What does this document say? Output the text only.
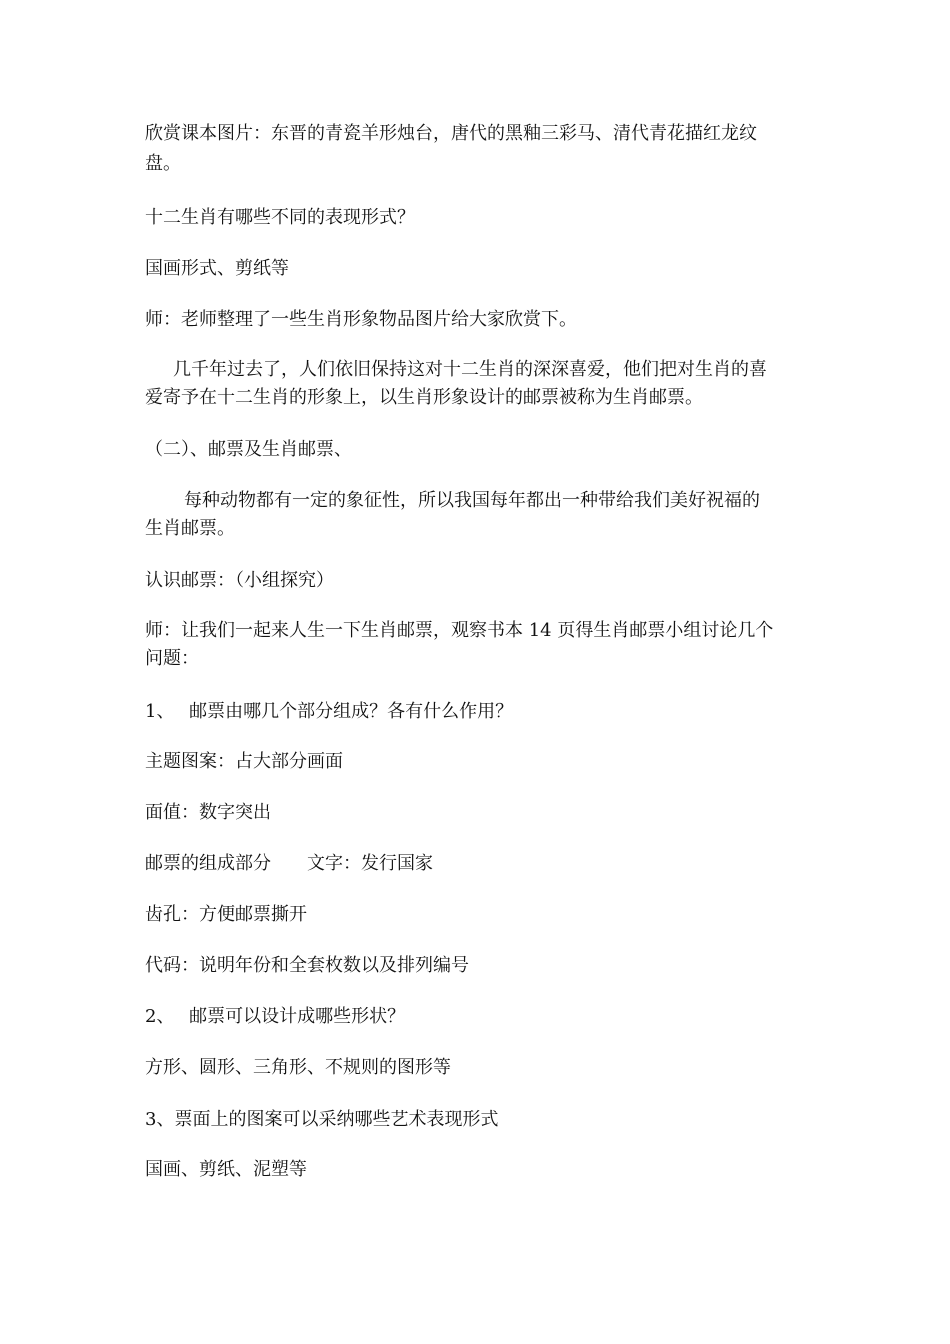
欣赏课本图片：东晋的青瓷羊形烛台，唐代的黑釉三彩马、清代青花描红龙纹
盘。
十二生肖有哪些不同的表现形式？
国画形式、剪纸等
师：老师整理了一些生肖形象物品图片给大家欣赏下。
几千年过去了，人们依旧保持这对十二生肖的深深喜爱，他们把对生肖的喜
爱寄予在十二生肖的形象上，以生肖形象设计的邮票被称为生肖邮票。
（二）、邮票及生肖邮票、
每种动物都有一定的象征性，所以我国每年都出一种带给我们美好祝福的
生肖邮票。
认识邮票：（小组探究）
师：让我们一起来人生一下生肖邮票，观察书本 14 页得生肖邮票小组讨论几个
问题：
1、　 邮票由哪几个部分组成？各有什么作用？
主题图案：占大部分画面
面值：数字突出
邮票的组成部分　　文字：发行国家
齿孔：方便邮票撕开
代码：说明年份和全套枚数以及排列编号
2、　 邮票可以设计成哪些形状？
方形、圆形、三角形、不规则的图形等
3、票面上的图案可以采纳哪些艺术表现形式
国画、剪纸、泥塑等
